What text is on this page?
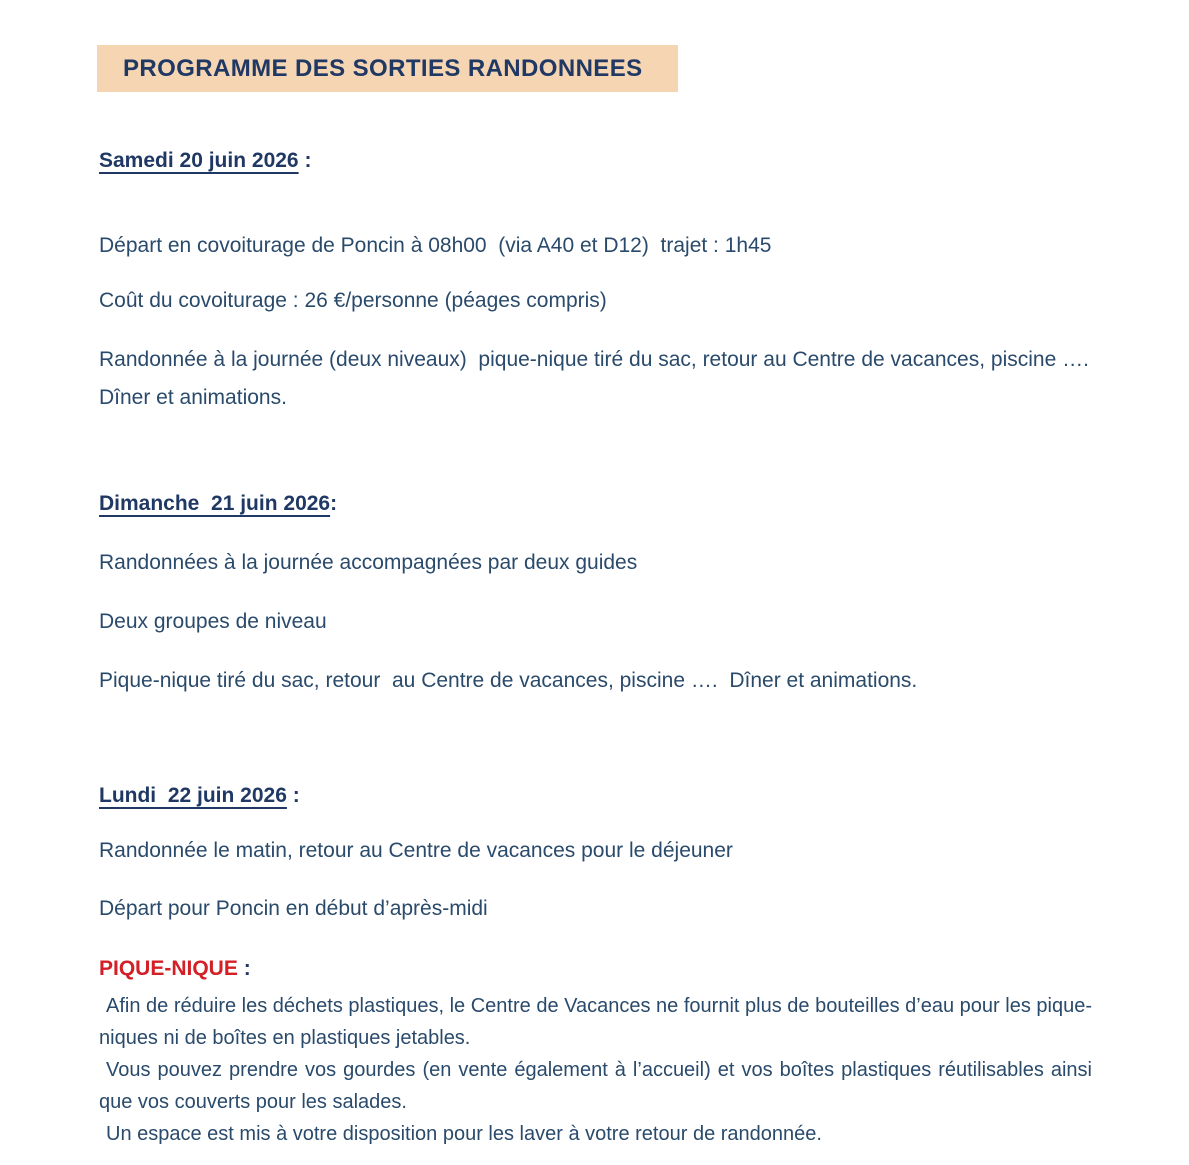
PROGRAMME DES SORTIES RANDONNEES
Samedi 20 juin 2026 :
Départ en covoiturage de Poncin à 08h00  (via A40 et D12)  trajet : 1h45
Coût du covoiturage : 26 €/personne (péages compris)
Randonnée à la journée (deux niveaux)  pique-nique tiré du sac, retour au Centre de vacances, piscine …. Dîner et animations.
Dimanche  21 juin 2026:
Randonnées à la journée accompagnées par deux guides
Deux groupes de niveau
Pique-nique tiré du sac, retour  au Centre de vacances, piscine ….  Dîner et animations.
Lundi  22 juin 2026 :
Randonnée le matin, retour au Centre de vacances pour le déjeuner
Départ pour Poncin en début d’après-midi
PIQUE-NIQUE :
Afin de réduire les déchets plastiques, le Centre de Vacances ne fournit plus de bouteilles d’eau pour les pique-niques ni de boîtes en plastiques jetables.
Vous pouvez prendre vos gourdes (en vente également à l’accueil) et vos boîtes plastiques réutilisables ainsi que vos couverts pour les salades.
Un espace est mis à votre disposition pour les laver à votre retour de randonnée.
